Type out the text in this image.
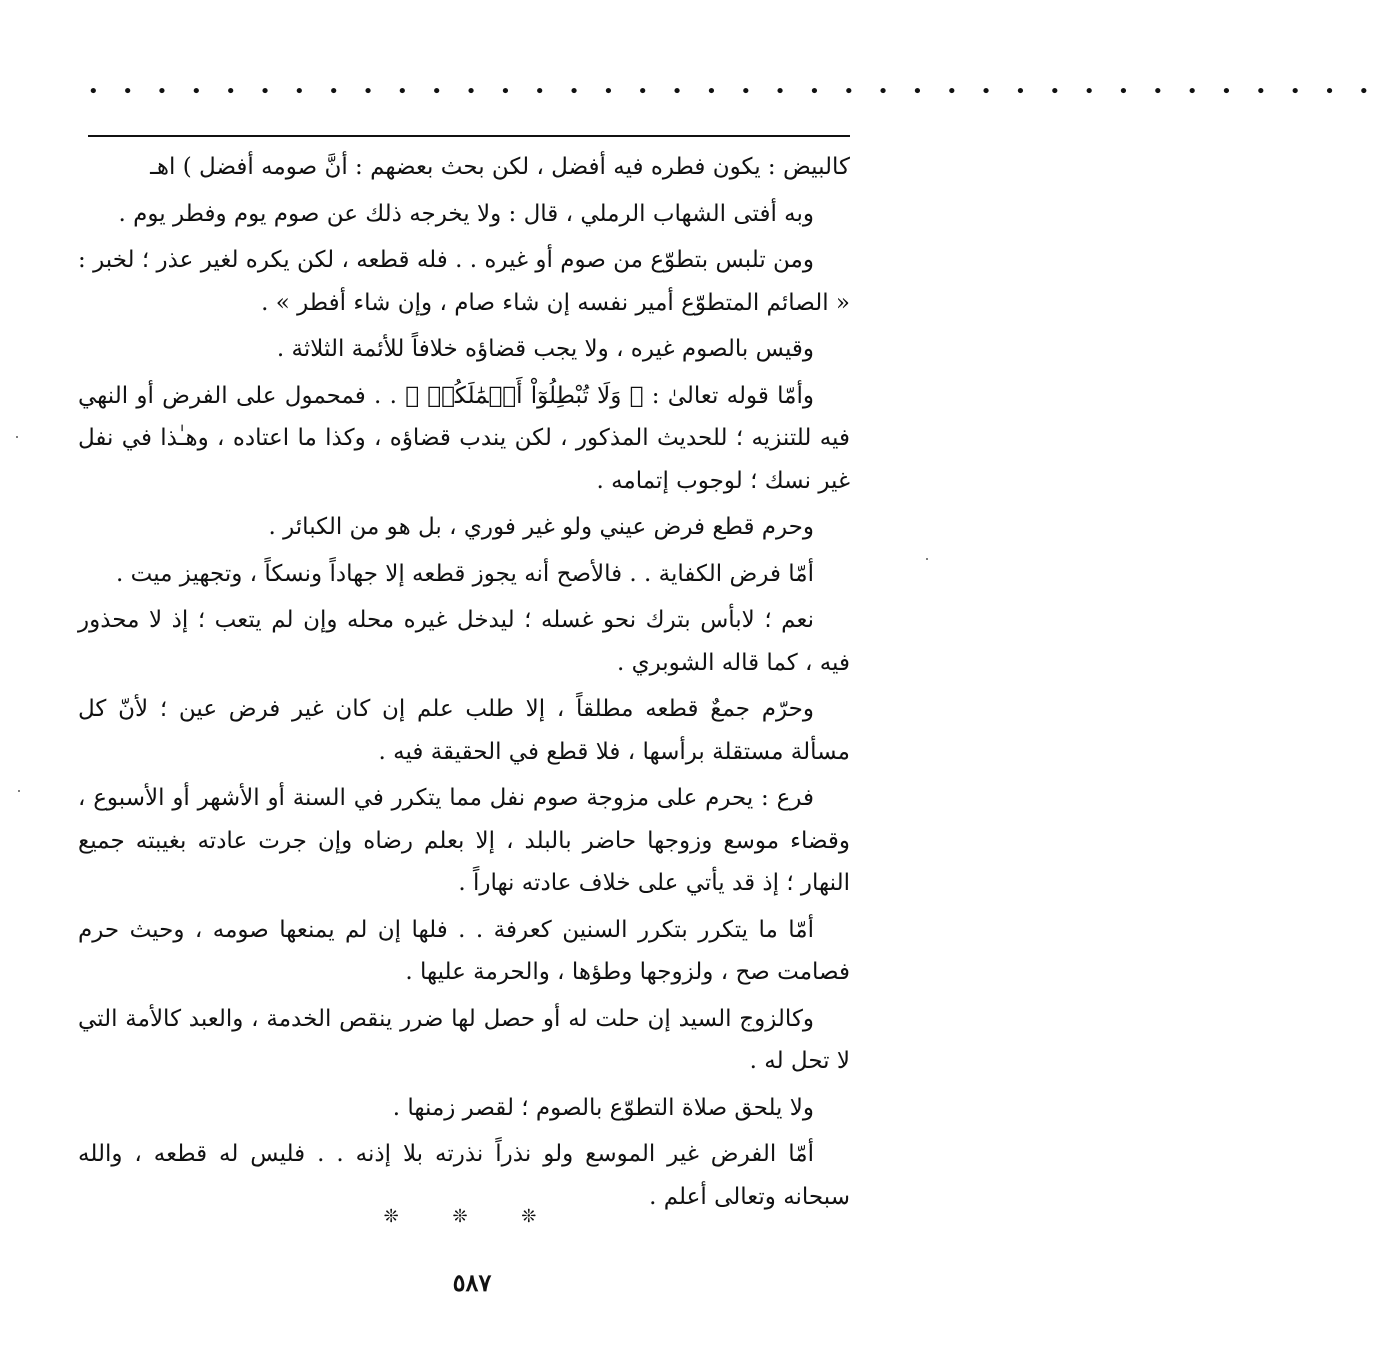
• • • • • • • • • • • • • • • • • • • • • • • • • • • • • • • • • • • • • •

كالبيض : يكون فطره فيه أفضل ، لكن بحث بعضهم : أنَّ صومه أفضل ) اهـ

وبه أفتى الشهاب الرملي ، قال : ولا يخرجه ذلك عن صوم يوم وفطر يوم .

ومن تلبس بتطوّع من صوم أو غيره . . فله قطعه ، لكن يكره لغير عذر ؛ لخبر : « الصائم المتطوّع أمير نفسه إن شاء صام ، وإن شاء أفطر » .

وقيس بالصوم غيره ، ولا يجب قضاؤه خلافاً للأئمة الثلاثة .

وأمّا قوله تعالىٰ : ﴿ وَلَا تُبْطِلُوٓاْ أَعۡمَٰلَكُمۡ ﴾ . . فمحمول على الفرض أو النهي فيه للتنزيه ؛ للحديث المذكور ، لكن يندب قضاؤه ، وكذا ما اعتاده ، وهـٰذا في نفل غير نسك ؛ لوجوب إتمامه .

وحرم قطع فرض عيني ولو غير فوري ، بل هو من الكبائر .

أمّا فرض الكفاية . . فالأصح أنه يجوز قطعه إلا جهاداً ونسكاً ، وتجهيز ميت .

نعم ؛ لابأس بترك نحو غسله ؛ ليدخل غيره محله وإن لم يتعب ؛ إذ لا محذور فيه ، كما قاله الشوبري .

وحرّم جمعٌ قطعه مطلقاً ، إلا طلب علم إن كان غير فرض عين ؛ لأنّ كل مسألة مستقلة برأسها ، فلا قطع في الحقيقة فيه .

فرع : يحرم على مزوجة صوم نفل مما يتكرر في السنة أو الأشهر أو الأسبوع ، وقضاء موسع وزوجها حاضر بالبلد ، إلا بعلم رضاه وإن جرت عادته بغيبته جميع النهار ؛ إذ قد يأتي على خلاف عادته نهاراً .

أمّا ما يتكرر بتكرر السنين كعرفة . . فلها إن لم يمنعها صومه ، وحيث حرم فصامت صح ، ولزوجها وطؤها ، والحرمة عليها .

وكالزوج السيد إن حلت له أو حصل لها ضرر ينقص الخدمة ، والعبد كالأمة التي لا تحل له .

ولا يلحق صلاة التطوّع بالصوم ؛ لقصر زمنها .

أمّا الفرض غير الموسع ولو نذراً نذرته بلا إذنه . . فليس له قطعه ، والله سبحانه وتعالى أعلم .

❊ ❊ ❊
٥٨٧
